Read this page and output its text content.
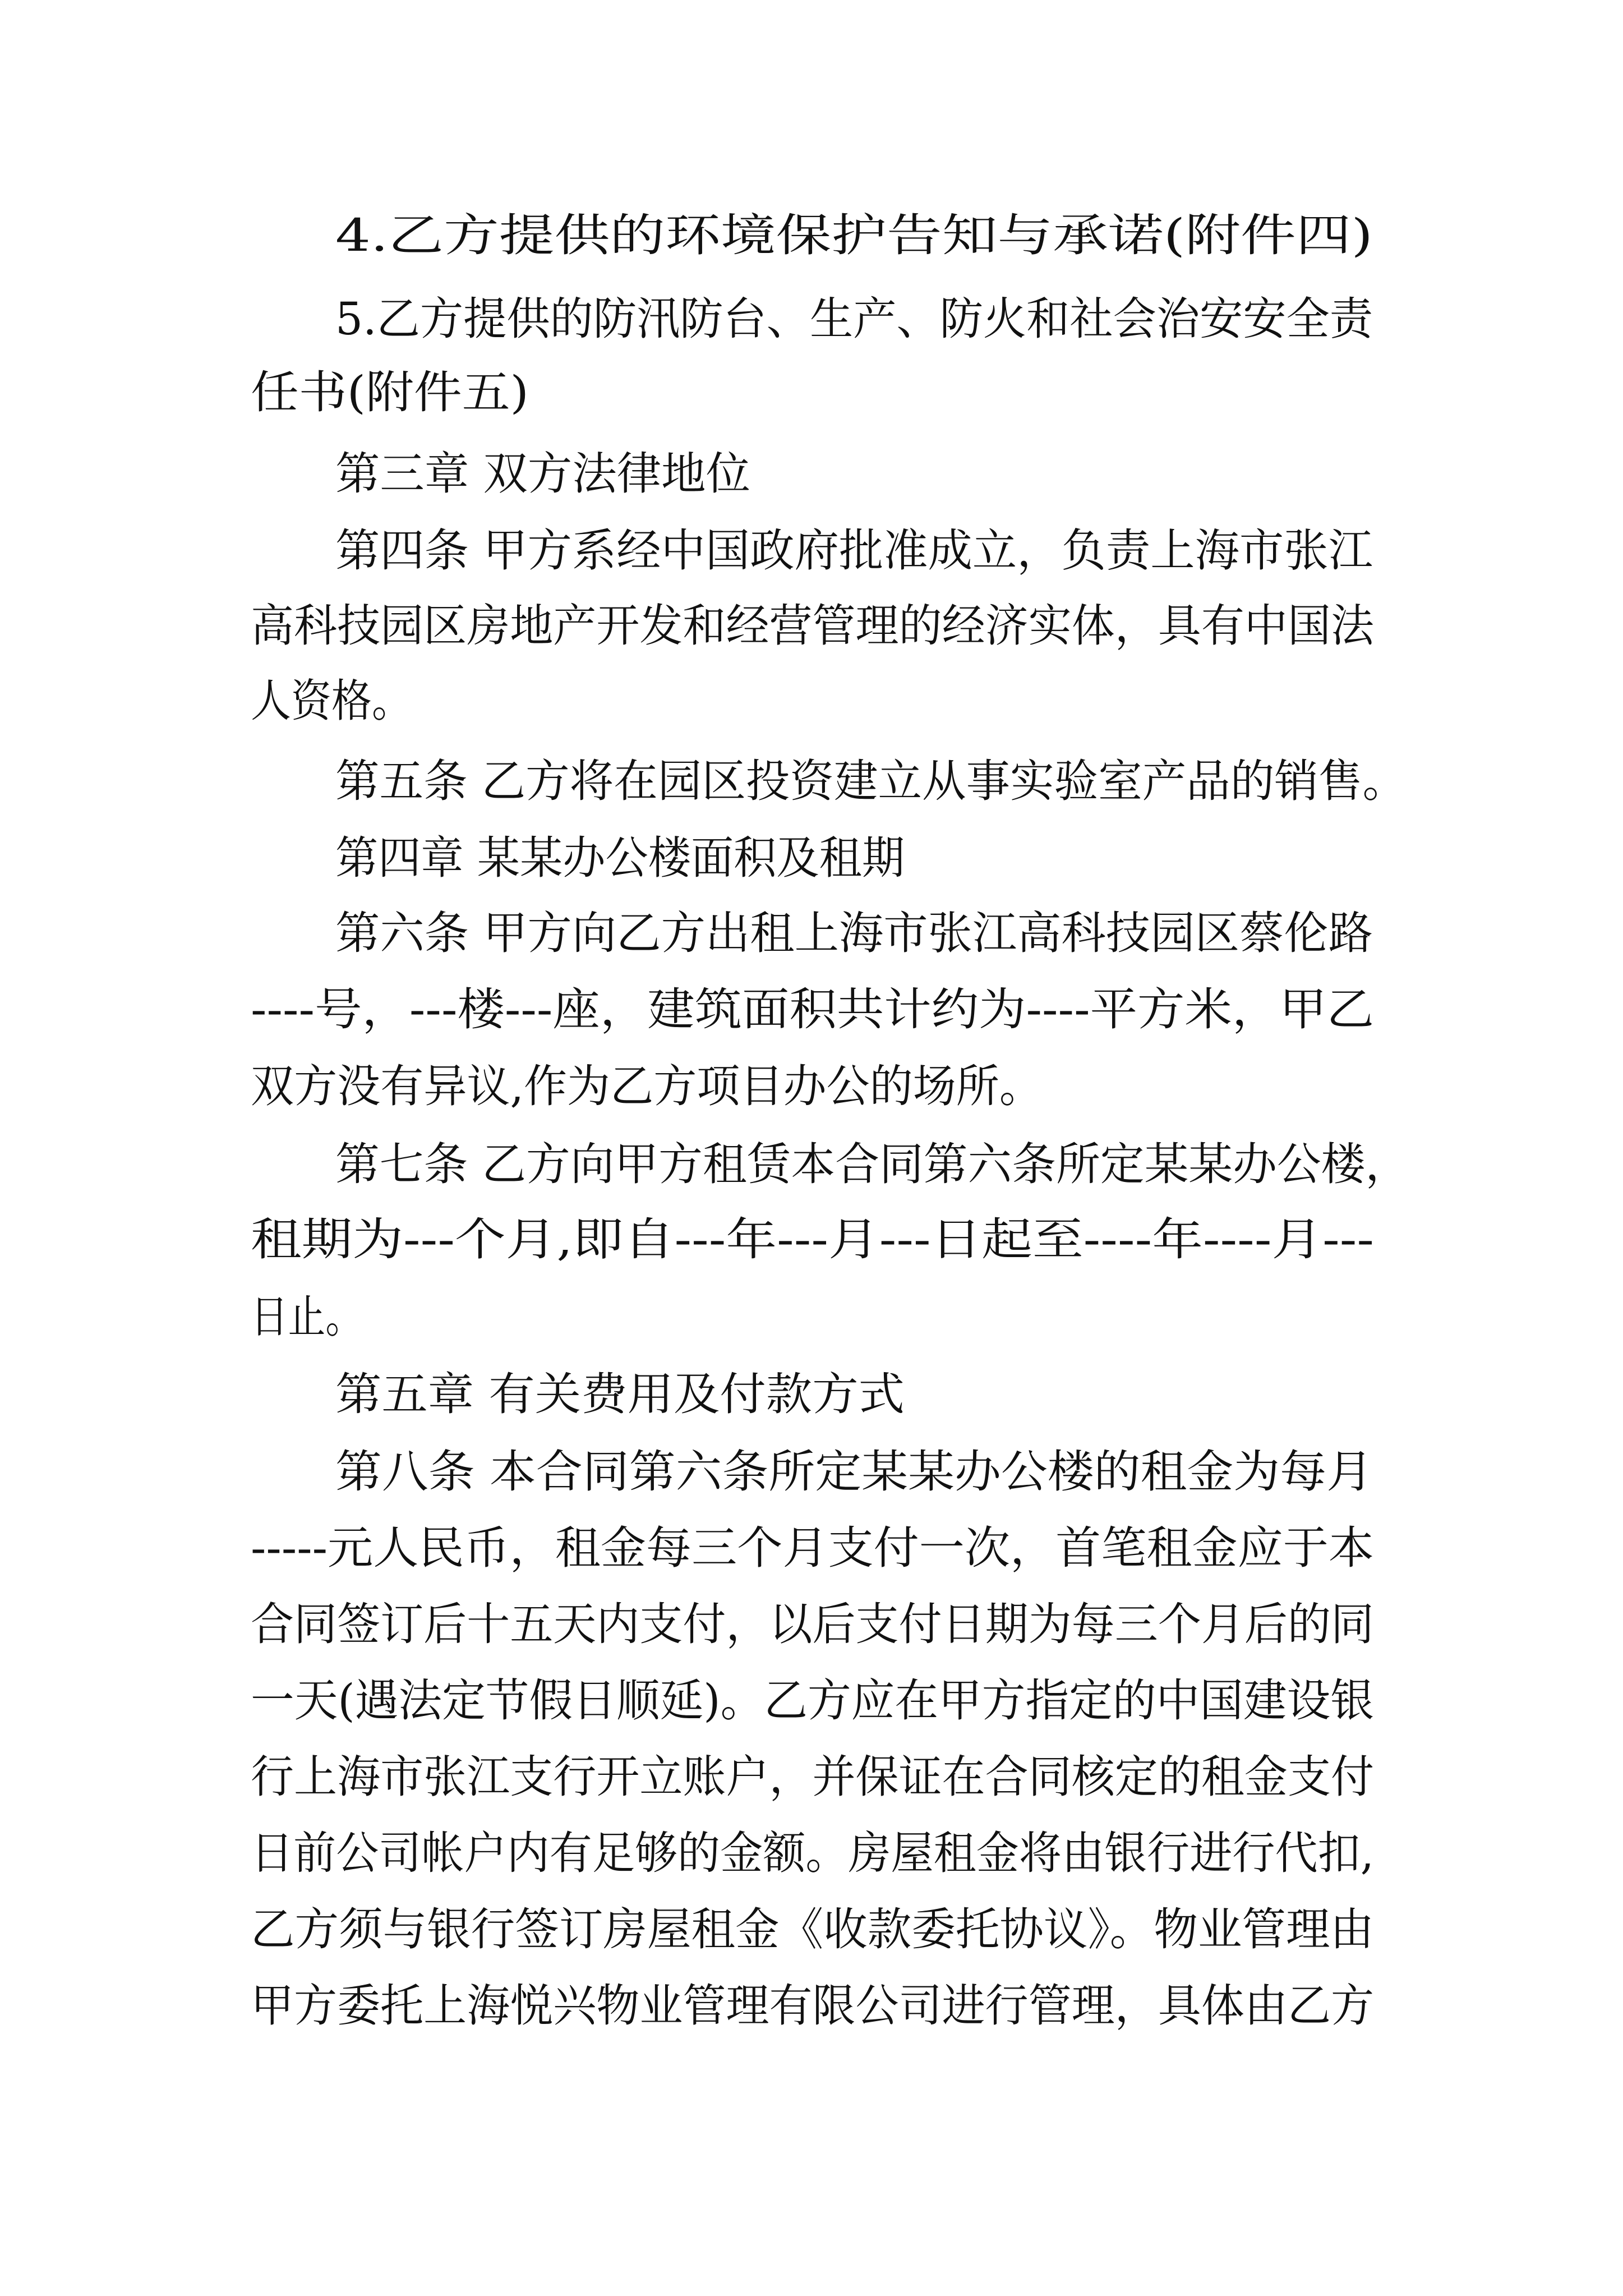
4.乙方提供的环境保护告知与承诺(附件四)
5.乙方提供的防汛防台、生产、防火和社会治安安全责
任书(附件五)
第三章 双方法律地位
第四条 甲方系经中国政府批准成立，负责上海市张江
高科技园区房地产开发和经营管理的经济实体，具有中国法
人资格。
第五条 乙方将在园区投资建立从事实验室产品的销售。
第四章 某某办公楼面积及租期
第六条 甲方向乙方出租上海市张江高科技园区蔡伦路
----号，---楼---座，建筑面积共计约为----平方米，甲乙
双方没有异议,作为乙方项目办公的场所。
第七条 乙方向甲方租赁本合同第六条所定某某办公楼，
租期为---个月,即自---年---月---日起至----年----月---
日止。
第五章 有关费用及付款方式
第八条 本合同第六条所定某某办公楼的租金为每月
-----元人民币，租金每三个月支付一次，首笔租金应于本
合同签订后十五天内支付，以后支付日期为每三个月后的同
一天(遇法定节假日顺延)。乙方应在甲方指定的中国建设银
行上海市张江支行开立账户，并保证在合同核定的租金支付
日前公司帐户内有足够的金额。房屋租金将由银行进行代扣,
乙方须与银行签订房屋租金《收款委托协议》。物业管理由
甲方委托上海悦兴物业管理有限公司进行管理，具体由乙方
